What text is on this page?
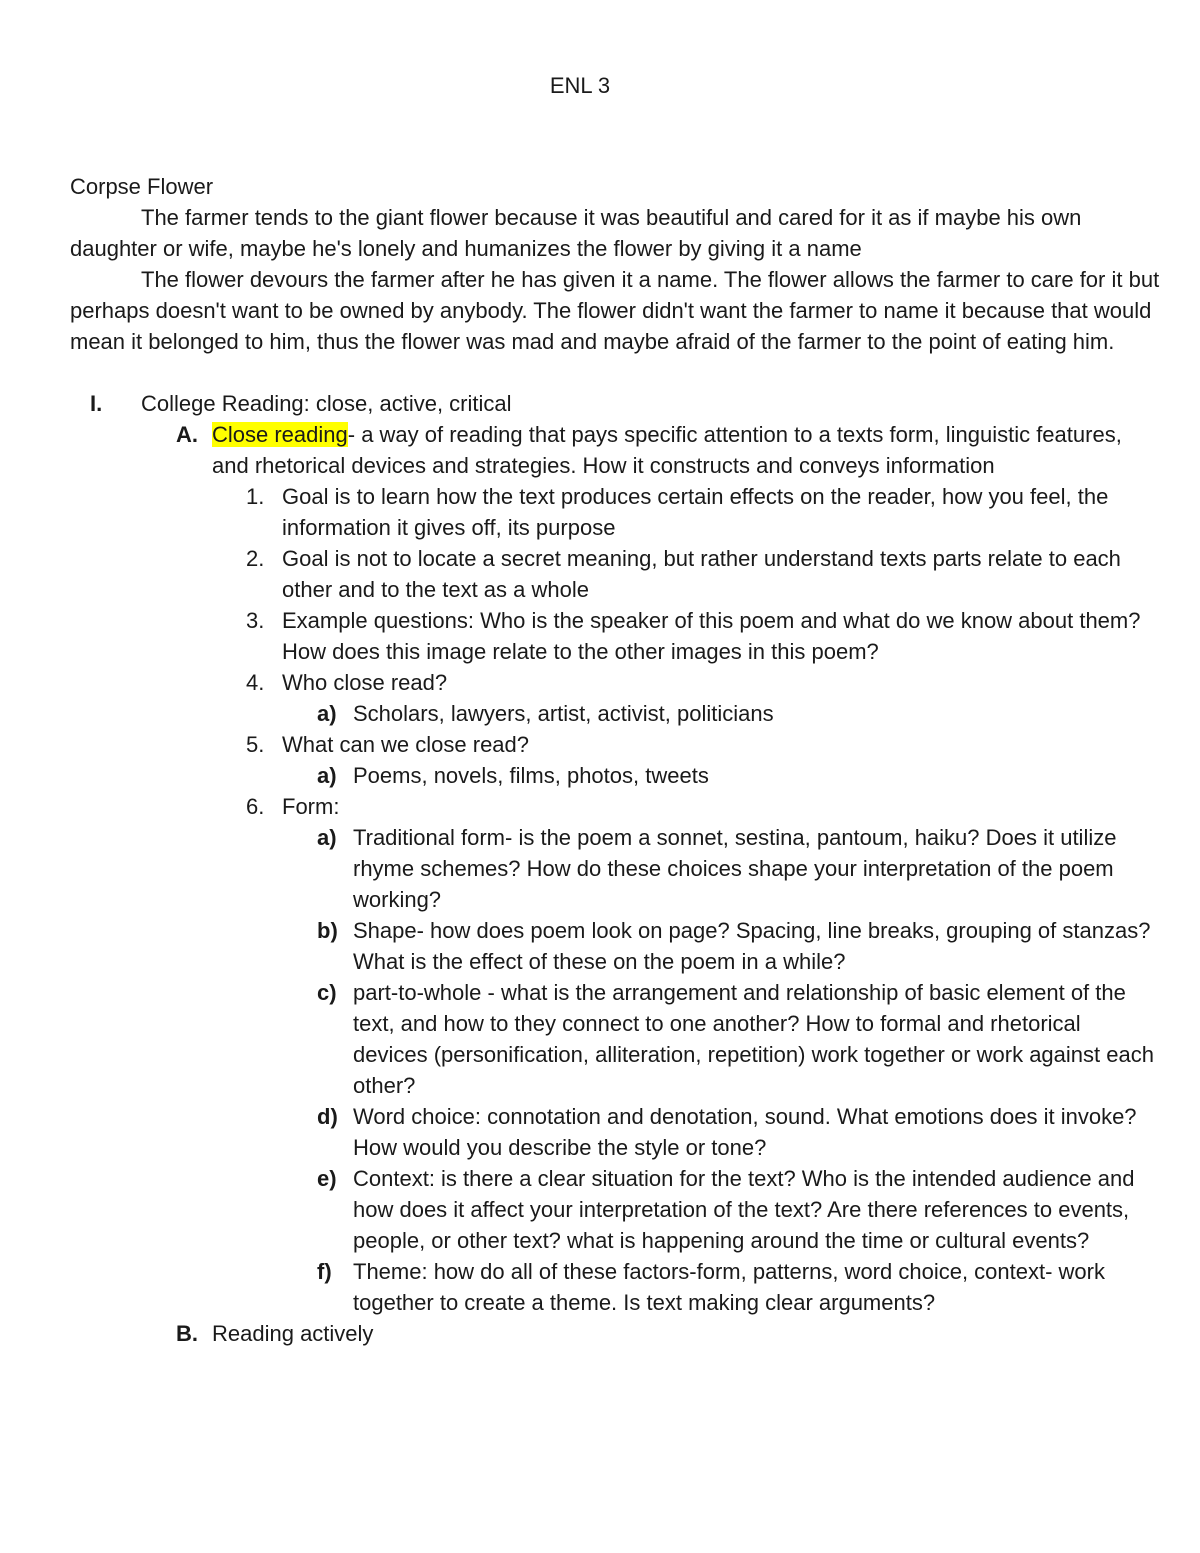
ENL 3
Corpse Flower
The farmer tends to the giant flower because it was beautiful and cared for it as if maybe his own daughter or wife, maybe he's lonely and humanizes the flower by giving it a name
The flower devours the farmer after he has given it a name. The flower allows the farmer to care for it but perhaps doesn't want to be owned by anybody. The flower didn't want the farmer to name it because that would mean it belonged to him, thus the flower was mad and maybe afraid of the farmer to the point of eating him.
I. College Reading: close, active, critical
A. Close reading- a way of reading that pays specific attention to a texts form, linguistic features, and rhetorical devices and strategies. How it constructs and conveys information
1. Goal is to learn how the text produces certain effects on the reader, how you feel, the information it gives off, its purpose
2. Goal is not to locate a secret meaning, but rather understand texts parts relate to each other and to the text as a whole
3. Example questions: Who is the speaker of this poem and what do we know about them? How does this image relate to the other images in this poem?
4. Who close read?
a) Scholars, lawyers, artist, activist, politicians
5. What can we close read?
a) Poems, novels, films, photos, tweets
6. Form:
a) Traditional form- is the poem a sonnet, sestina, pantoum, haiku? Does it utilize rhyme schemes? How do these choices shape your interpretation of the poem working?
b) Shape- how does poem look on page? Spacing, line breaks, grouping of stanzas? What is the effect of these on the poem in a while?
c) part-to-whole - what is the arrangement and relationship of basic element of the text, and how to they connect to one another? How to formal and rhetorical devices (personification, alliteration, repetition) work together or work against each other?
d) Word choice: connotation and denotation, sound. What emotions does it invoke? How would you describe the style or tone?
e) Context: is there a clear situation for the text? Who is the intended audience and how does it affect your interpretation of the text? Are there references to events, people, or other text? what is happening around the time or cultural events?
f) Theme: how do all of these factors-form, patterns, word choice, context- work together to create a theme. Is text making clear arguments?
B. Reading actively
